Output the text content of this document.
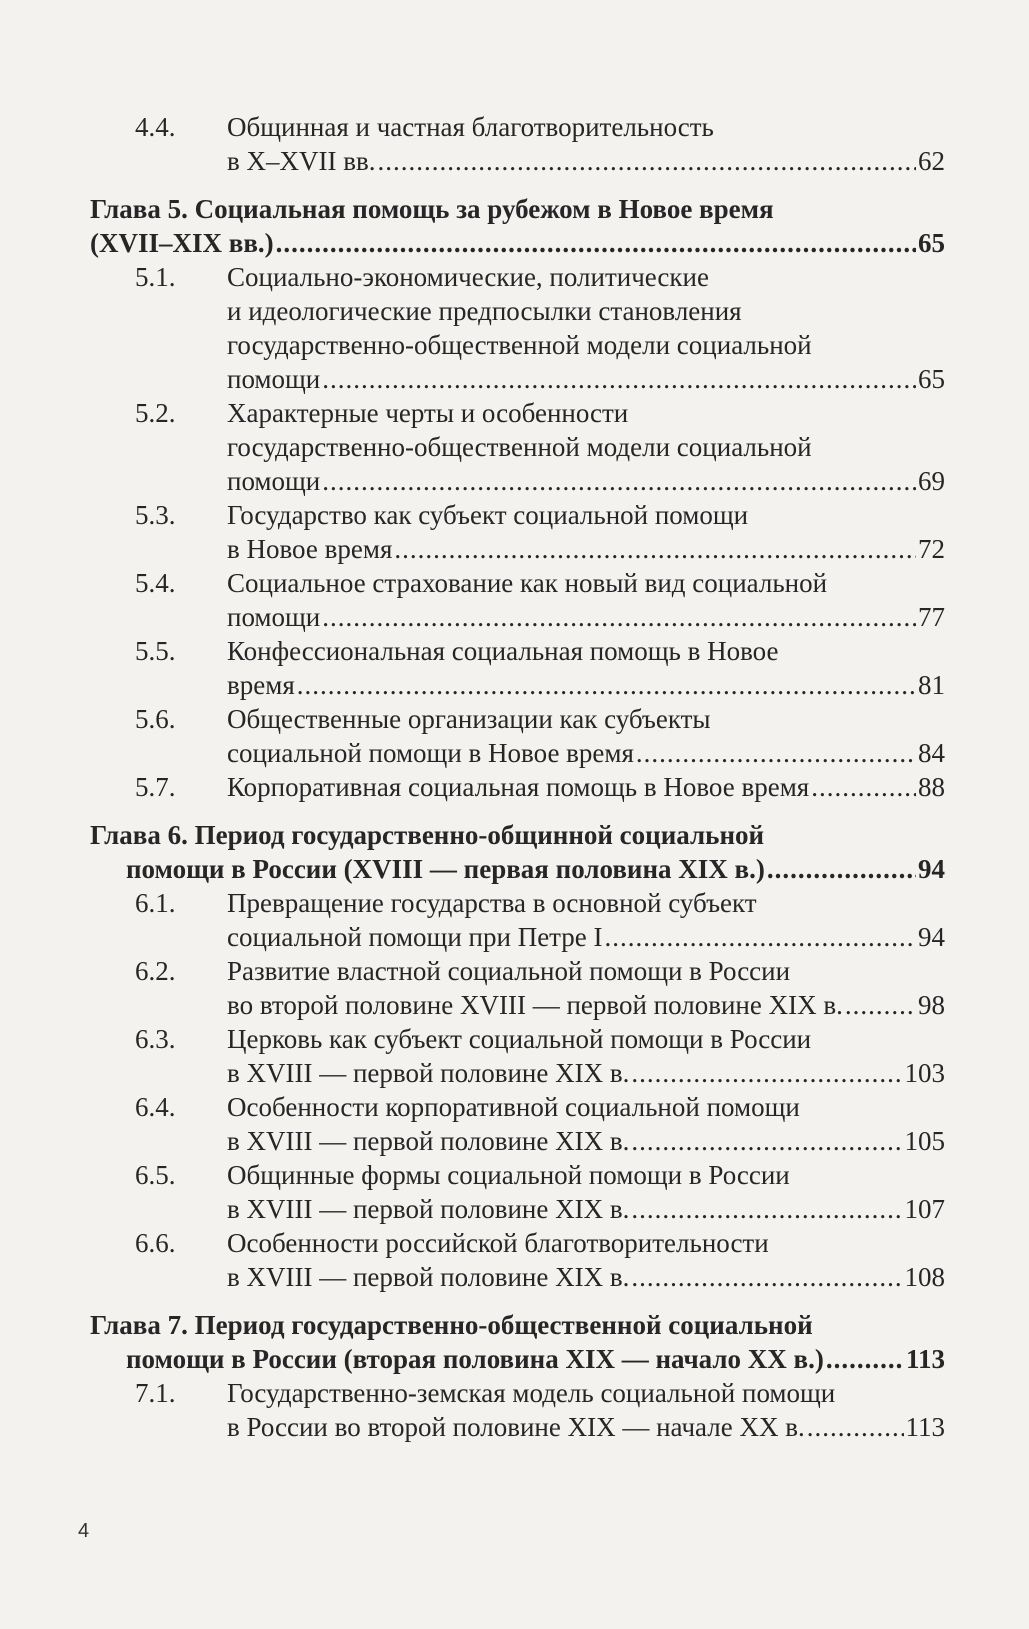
4.4. Общинная и частная благотворительность
в X–XVII вв. .....	62
Глава 5. Социальная помощь за рубежом в Новое время
(XVII–XIX вв.) .....	65
5.1. Социально-экономические, политические
и идеологические предпосылки становления
государственно-общественной модели социальной
помощи .....	65
5.2. Характерные черты и особенности
государственно-общественной модели социальной
помощи .....	69
5.3. Государство как субъект социальной помощи
в Новое время .....	72
5.4. Социальное страхование как новый вид социальной
помощи .....	77
5.5. Конфессиональная социальная помощь в Новое
время .....	81
5.6. Общественные организации как субъекты
социальной помощи в Новое время .....	84
5.7. Корпоративная социальная помощь в Новое время .....	88
Глава 6. Период государственно-общинной социальной
помощи в России (XVIII — первая половина XIX в.) .....	94
6.1. Превращение государства в основной субъект
социальной помощи при Петре I .....	94
6.2. Развитие властной социальной помощи в России
во второй половине XVIII — первой половине XIX в. .....	98
6.3. Церковь как субъект социальной помощи в России
в XVIII — первой половине XIX в. .....	103
6.4. Особенности корпоративной социальной помощи
в XVIII — первой половине XIX в. .....	105
6.5. Общинные формы социальной помощи в России
в XVIII — первой половине XIX в. .....	107
6.6. Особенности российской благотворительности
в XVIII — первой половине XIX в. .....	108
Глава 7. Период государственно-общественной социальной
помощи в России (вторая половина XIX — начало XX в.) .....	113
7.1. Государственно-земская модель социальной помощи
в России во второй половине XIX — начале XX в. .....	113
4
